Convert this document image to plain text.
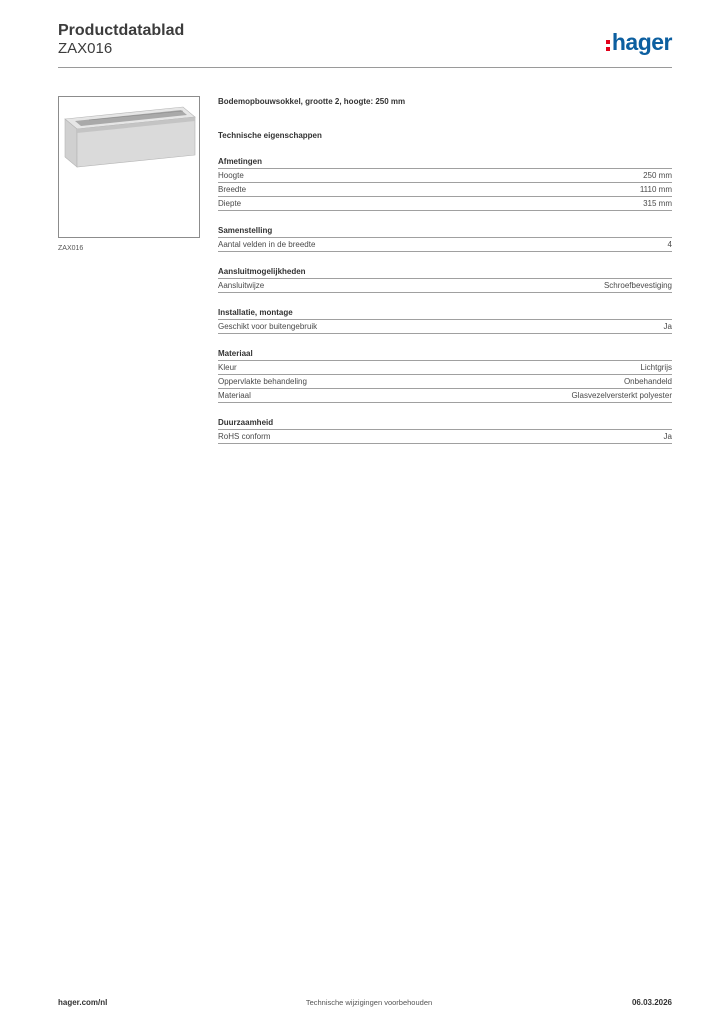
Productdatablad
ZAX016	hager
ZAX016
Bodemopbouwsokkel, grootte 2, hoogte: 250 mm
Technische eigenschappen
Afmetingen
Hoogte	250 mm
Breedte	1110 mm
Diepte	315 mm
Samenstelling
Aantal velden in de breedte	4
Aansluitmogelijkheden
Aansluitwijze	Schroefbevestiging
Installatie, montage
Geschikt voor buitengebruik	Ja
Materiaal
Kleur	Lichtgrijs
Oppervlakte behandeling	Onbehandeld
Materiaal	Glasvezelversterkt polyester
Duurzaamheid
RoHS conform	Ja
hager.com/nl	Technische wijzigingen voorbehouden	06.03.2026
